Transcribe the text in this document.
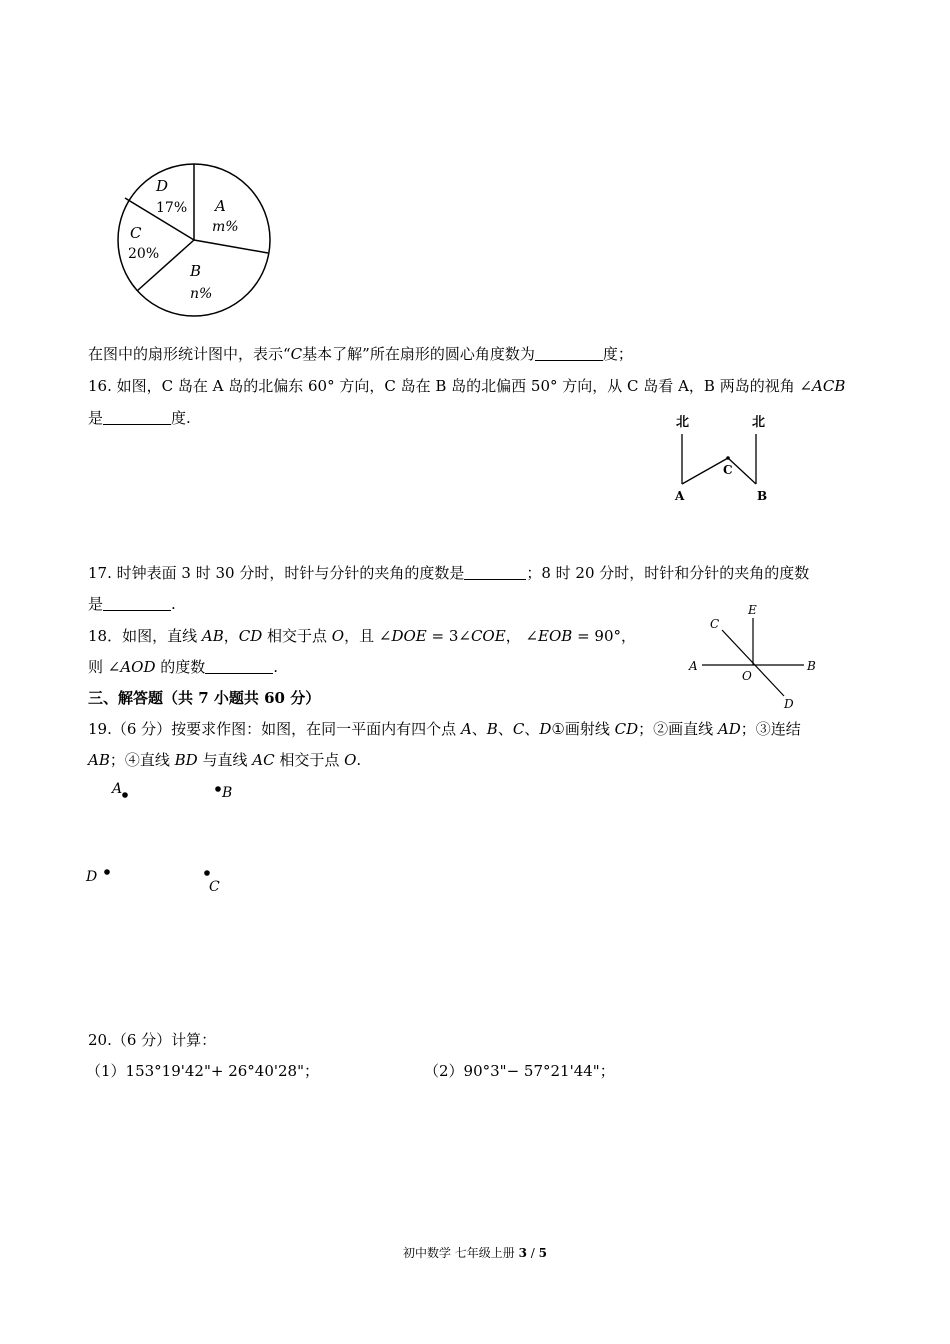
A
m%
B
n%
C
20%
D
17%
在图中的扇形统计图中，表示“C基本了解”所在扇形的圆心角度数为	度；
16. 如图，C 岛在 A 岛的北偏东 60° 方向，C 岛在 B 岛的北偏西 50° 方向，从 C 岛看 A，B 两岛的视角 ∠ACB
是	度.	北	北
A	B
C
17. 时钟表面 3 时 30 分时，时针与分针的夹角的度数是	；8 时 20 分时，时针和分针的夹角的度数
是	.
18．如图，直线 AB，CD 相交于点 O，且 ∠DOE = 3∠COE， ∠EOB = 90°，
则 ∠AOD 的度数	.
E
C
A	B
O
D
三、解答题（共 7 小题共 60 分）
19.（6 分）按要求作图：如图，在同一平面内有四个点 A、B、C、D①画射线 CD；②画直线 AD；③连结
AB；④直线 BD 与直线 AC 相交于点 O.
A	B
D
C
20.（6 分）计算：
（1）153°19'42"+ 26°40'28"；	（2）90°3"− 57°21'44"；
初中数学 七年级上册 3 / 5
